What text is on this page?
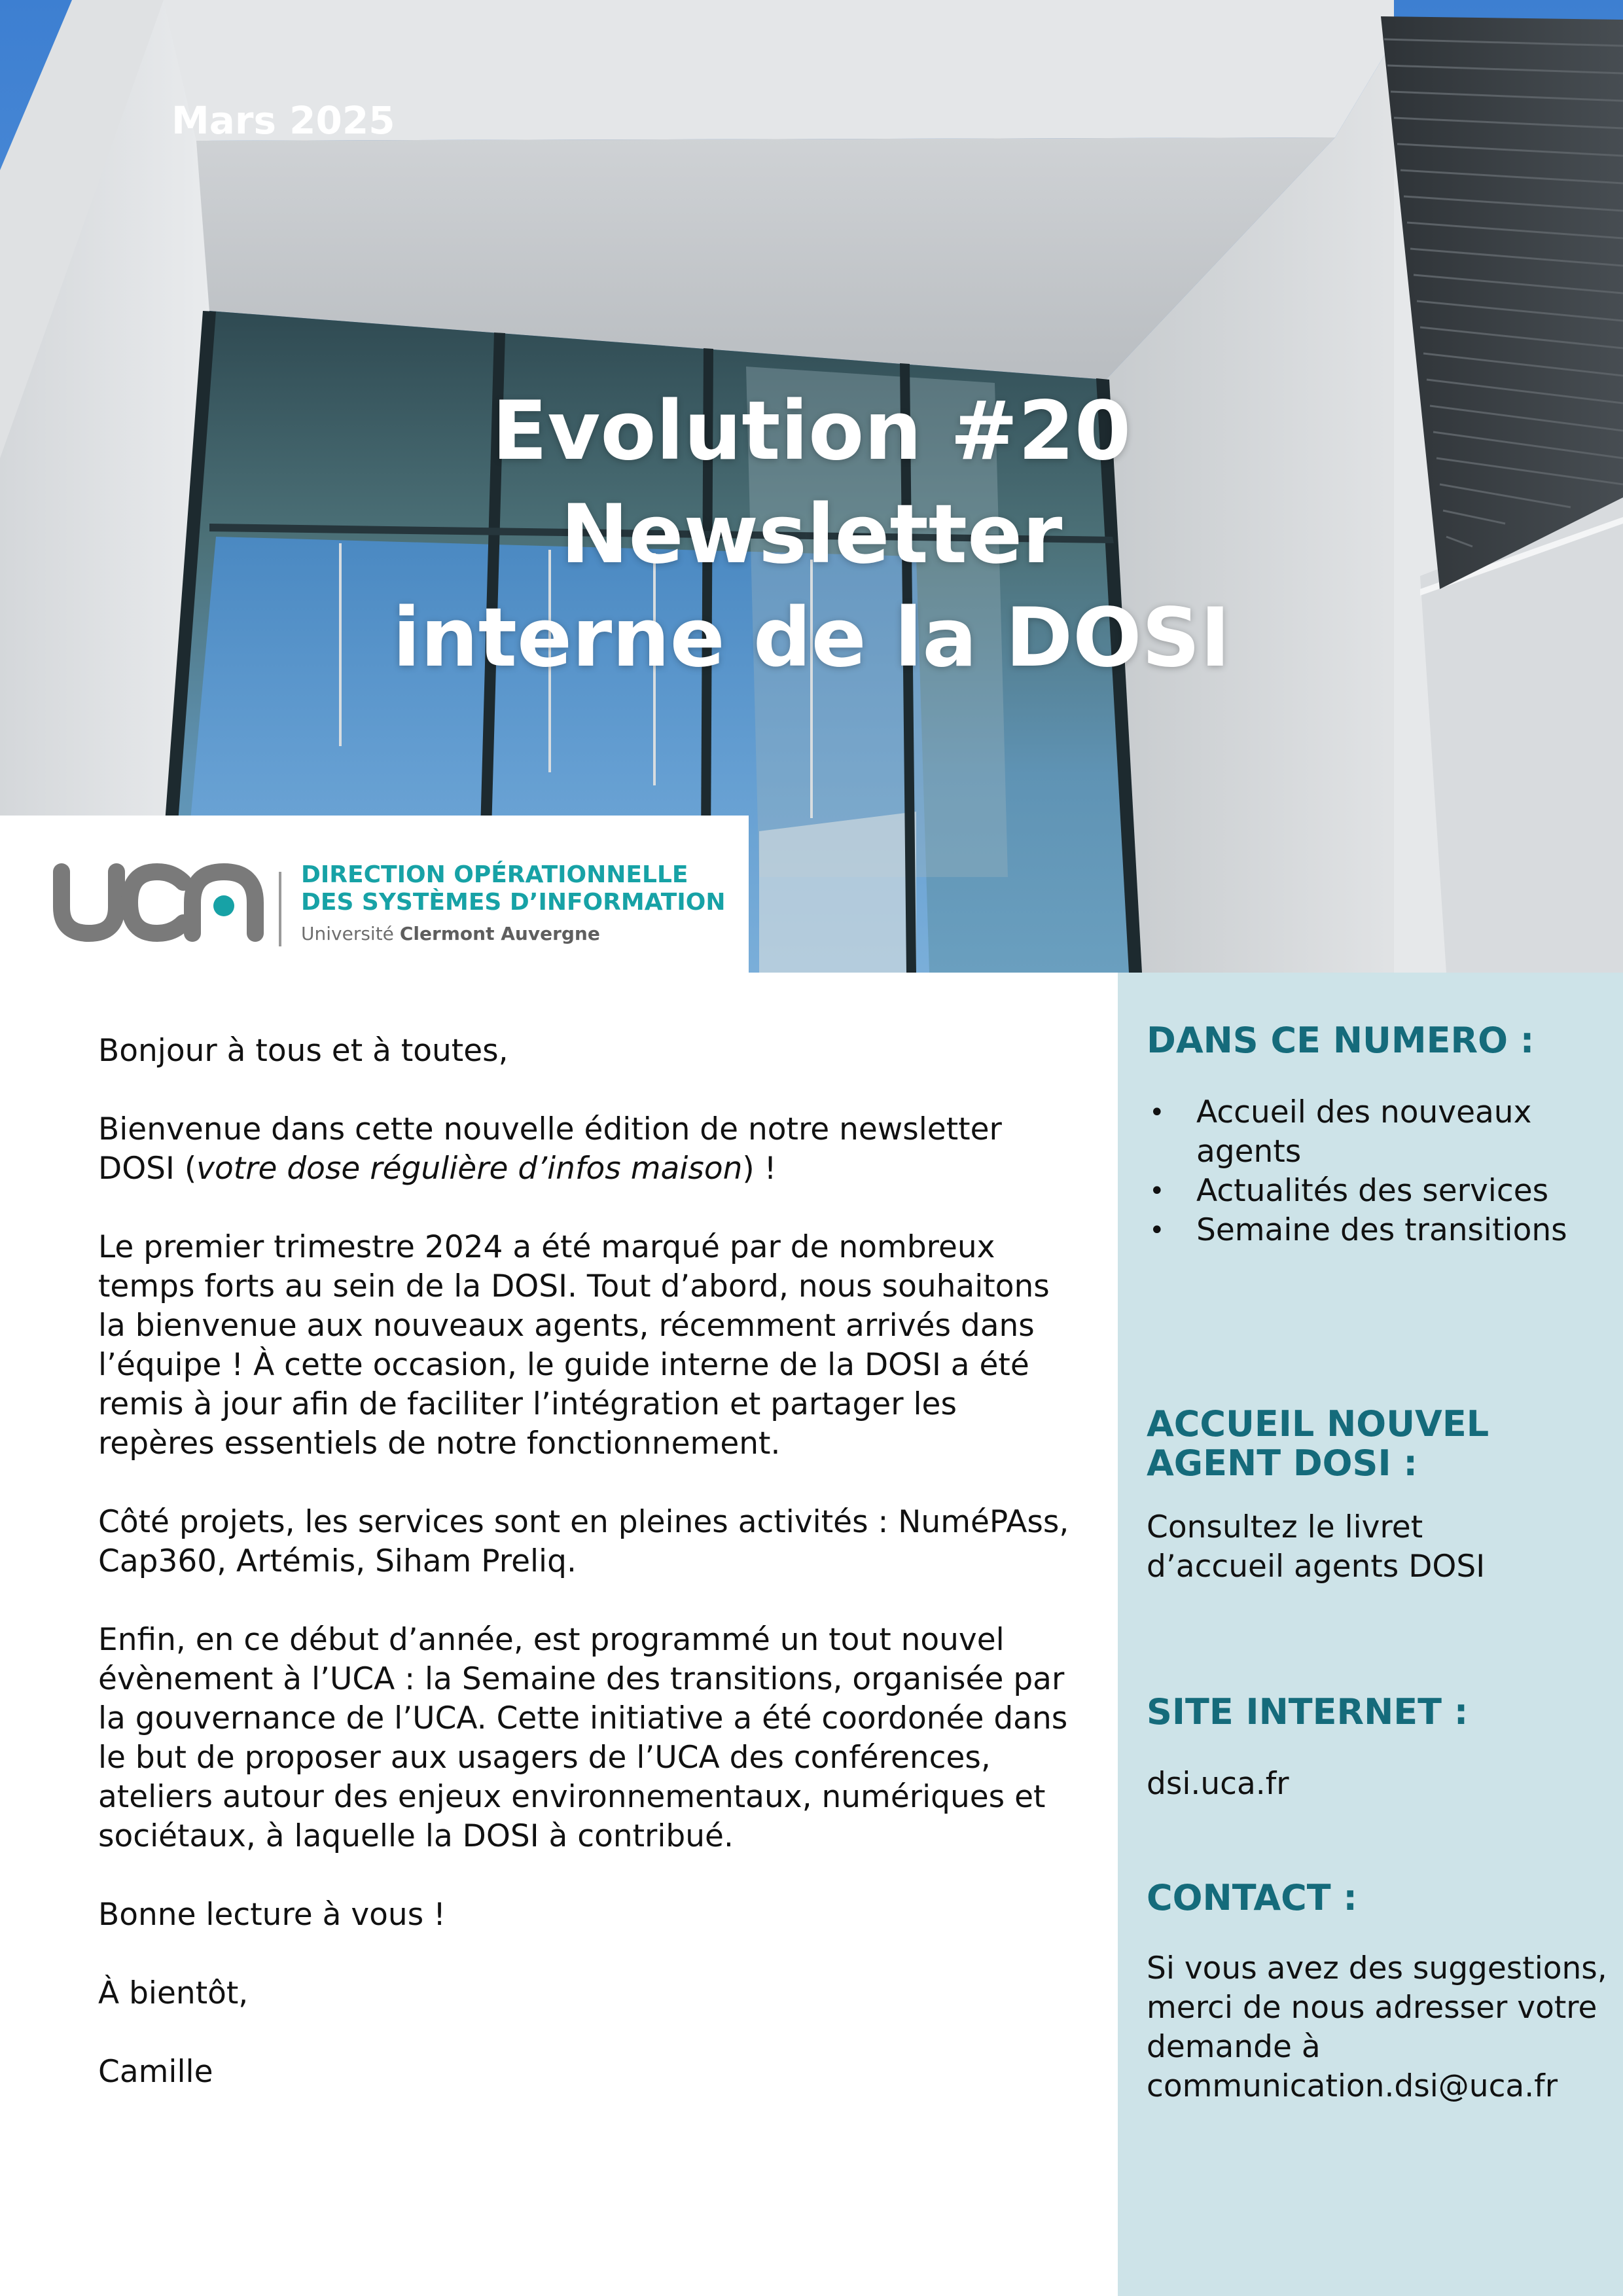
Mars 2025
Evolution #20
Newsletter
interne de la DOSI
uca
DIRECTION OPÉRATIONNELLE
DES SYSTÈMES D’INFORMATION
Université Clermont Auvergne

Bonjour à tous et à toutes,

Bienvenue dans cette nouvelle édition de notre newsletter DOSI (votre dose régulière d’infos maison) !

Le premier trimestre 2024 a été marqué par de nombreux temps forts au sein de la DOSI. Tout d’abord, nous souhaitons la bienvenue aux nouveaux agents, récemment arrivés dans l’équipe ! À cette occasion, le guide interne de la DOSI a été remis à jour afin de faciliter l’intégration et partager les repères essentiels de notre fonctionnement.

Côté projets, les services sont en pleines activités : NuméPAss, Cap360, Artémis, Siham Preliq.

Enfin, en ce début d’année, est programmé un tout nouvel évènement à l’UCA : la Semaine des transitions, organisée par la gouvernance de l’UCA. Cette initiative a été coordonée dans le but de proposer aux usagers de l’UCA des conférences, ateliers autour des enjeux environnementaux, numériques et sociétaux, à laquelle la DOSI à contribué.

Bonne lecture à vous !

À bientôt,

Camille

DANS CE NUMERO :
• Accueil des nouveaux agents
• Actualités des services
• Semaine des transitions
ACCUEIL NOUVEL
AGENT DOSI :
Consultez le livret d’accueil agents DOSI
SITE INTERNET :
dsi.uca.fr
CONTACT :
Si vous avez des suggestions, merci de nous adresser votre demande à
communication.dsi@uca.fr
